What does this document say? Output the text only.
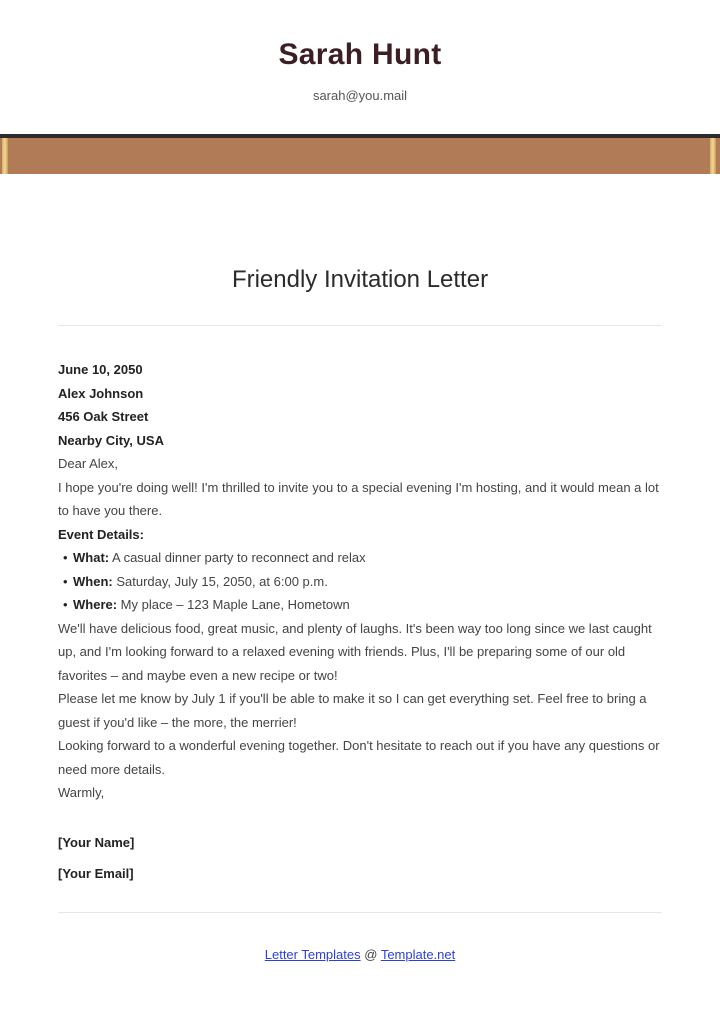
Sarah Hunt
sarah@you.mail
Friendly Invitation Letter

June 10, 2050

Alex Johnson

456 Oak Street

Nearby City, USA

Dear Alex,

I hope you're doing well! I'm thrilled to invite you to a special evening I'm hosting, and it would mean a lot to have you there.

Event Details:

• What: A casual dinner party to reconnect and relax
• When: Saturday, July 15, 2050, at 6:00 p.m.
• Where: My place – 123 Maple Lane, Hometown

We'll have delicious food, great music, and plenty of laughs. It's been way too long since we last caught up, and I'm looking forward to a relaxed evening with friends. Plus, I'll be preparing some of our old favorites – and maybe even a new recipe or two!

Please let me know by July 1 if you'll be able to make it so I can get everything set. Feel free to bring a guest if you'd like – the more, the merrier!

Looking forward to a wonderful evening together. Don't hesitate to reach out if you have any questions or need more details.

Warmly,

[Your Name]

[Your Email]

Letter Templates @ Template.net
